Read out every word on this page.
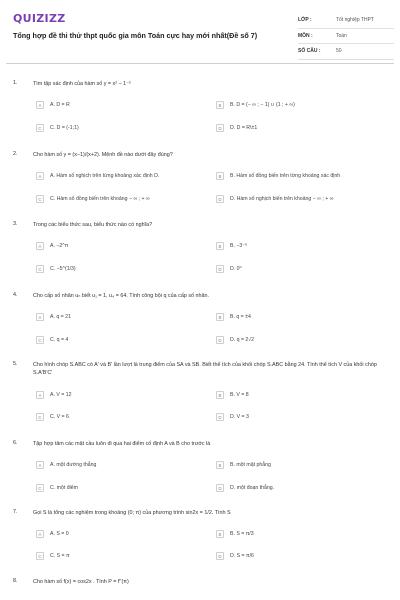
QUIZIZZ
Tổng hợp đề thi thử thpt quốc gia môn Toán cực hay mới nhất(Đề số 7)
LỚP :	Tốt nghiệp THPT
MÔN :	Toán
SỐ CÂU :	50
1.	Tìm tập xác định của hàm số y = x² − 1⁻²
A	A. D = R	B	B. D = (− ∞ ; − 1) ∪ (1 ; + ∞)
C	C. D = (-1;1)	D	D. D = R\±1
2.	Cho hàm số y = (x−1)/(x+2). Mệnh đề nào dưới đây đúng?
A	A. Hàm số nghịch trên từng khoảng xác định D.	B	B. Hàm số đồng biến trên từng khoảng xác định
C	C. Hàm số đồng biến trên khoảng − ∞ ; + ∞	D	D. Hàm số nghịch biến trên khoảng − ∞ ; + ∞
3.	Trong các biểu thức sau, biểu thức nào có nghĩa?
A	A. −2^π	B	B. −3⁻⁶
C	C. −5^(1/3)	D	D. 0⁰
4.	Cho cấp số nhân uₙ biết u₁ = 1, u₄ = 64. Tính công bội q của cấp số nhân.
A	A. q = 21	B	B. q = ±4
C	C. q = 4	D	D. q = 2√2
5.	Cho hình chóp S.ABC có A' và B' lần lượt là trung điểm của SA và SB. Biết thể tích của khối chóp S.ABC bằng 24. Tính thể tích V của khối chóp S.A'B'C'
A	A. V = 12	B	B. V = 8
C	C. V = 6	D	D. V = 3
6.	Tập hợp tâm các mặt cầu luôn đi qua hai điểm cố định A và B cho trước là
A	A. một đường thẳng	B	B. một mặt phẳng
C	C. một điểm	D	D. một đoạn thẳng.
7.	Gọi S là tổng các nghiệm trong khoảng (0; π) của phương trình sin2x = 1/2. Tính S
A	A. S = 0	B	B. S = π/3
C	C. S = π	D	D. S = π/6
8.	Cho hàm số f(x) = cos2x . Tính P = f''(π)
